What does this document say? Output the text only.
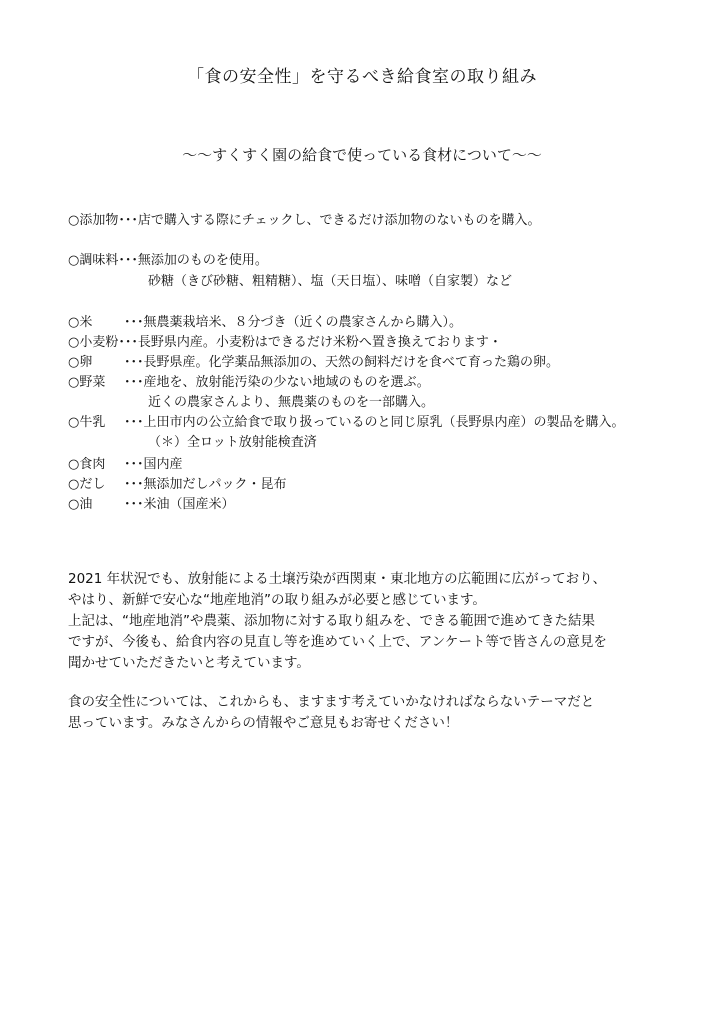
「食の安全性」を守るべき給食室の取り組み
～～すくすく園の給食で使っている食材について～～
○添加物･･･店で購入する際にチェックし、できるだけ添加物のないものを購入。
○調味料･･･無添加のものを使用。
砂糖（きび砂糖、粗精糖）、塩（天日塩）、味噌（自家製）など
○米 ･･･無農薬栽培米、８分づき（近くの農家さんから購入）。
○小麦粉･･･長野県内産。小麦粉はできるだけ米粉へ置き換えております・
○卵 ･･･長野県産。化学薬品無添加の、天然の飼料だけを食べて育った鶏の卵。
○野菜 ･･･産地を、放射能汚染の少ない地域のものを選ぶ。
近くの農家さんより、無農薬のものを一部購入。
○牛乳 ･･･上田市内の公立給食で取り扱っているのと同じ原乳（長野県内産）の製品を購入。
（＊）全ロット放射能検査済
○食肉 ･･･国内産
○だし ･･･無添加だしパック・昆布
○油 ･･･米油（国産米）
2021 年状況でも、放射能による土壌汚染が西関東・東北地方の広範囲に広がっており、
やはり、新鮮で安心な“地産地消”の取り組みが必要と感じています。
上記は、“地産地消”や農薬、添加物に対する取り組みを、できる範囲で進めてきた結果
ですが、今後も、給食内容の見直し等を進めていく上で、アンケート等で皆さんの意見を
聞かせていただきたいと考えています。
食の安全性については、これからも、ますます考えていかなければならないテーマだと
思っています。みなさんからの情報やご意見もお寄せください！
